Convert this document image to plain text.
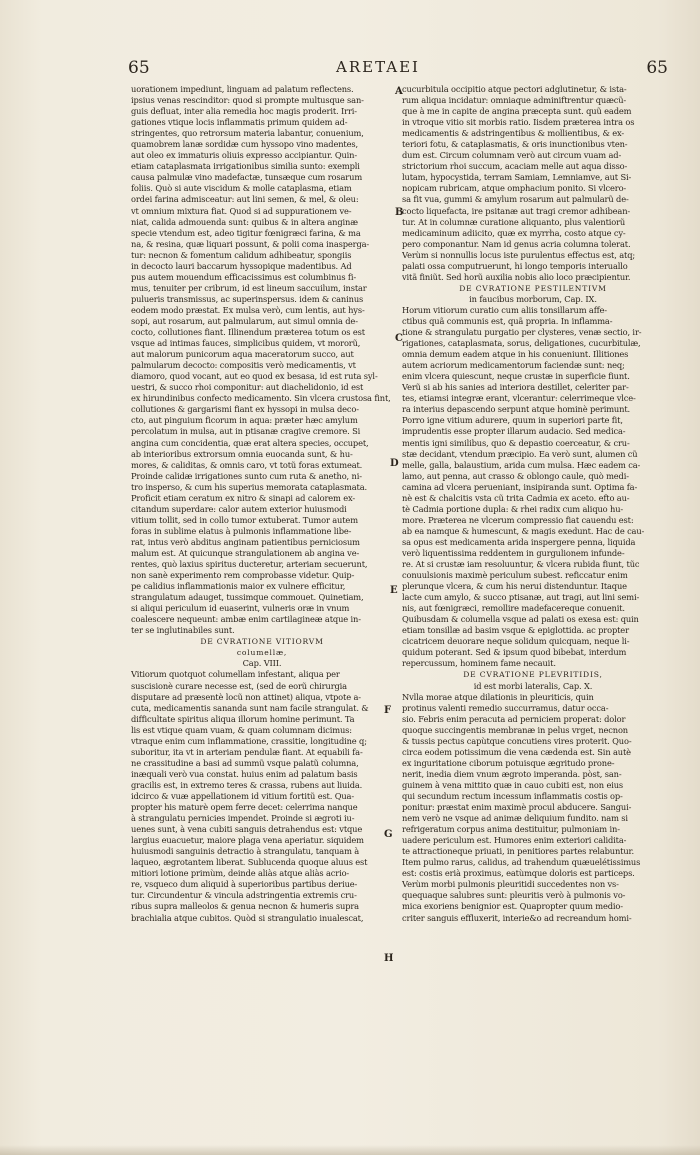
65	ARETAEI	65
A
B
C
D
E
F
G
H
uorationem impediunt, linguam ad palatum reflectens.
ipsius venas rescinditor: quod si prompte multusque san-
guis defluat, inter alia remedia hoc magis proderit. Irri-
gationes vtique locis inflammatis primum quidem ad-
stringentes, quo retrorsum materia labantur, conuenium,
quamobrem lanæ sordidæ cum hyssopo vino madentes,
aut oleo ex immaturis oliuis expresso accipiantur. Quin-
etiam cataplasmata irrigationibus similia sunto: exempli
causa palmulæ vino madefactæ, tunsæque cum rosarum
foliis. Quò si aute viscidum & molle cataplasma, etiam
ordei farina admisceatur: aut lini semen, & mel, & oleu:
vt omnium mixtura fiat. Quod si ad suppurationem ve-
niat, calida admouenda sunt: quibus & in altera anginæ
specie vtendum est, adeo tigitur fœnigræci farina, & ma
na, & resina, quæ liquari possunt, & polii coma inasperga-
tur: necnon & fomentum calidum adhibeatur, spongiis
in decocto lauri baccarum hyssopique madentibus. Ad
pus autem mouendum efficacissimus est columbinus fi-
mus, tenuiter per cribrum, id est lineum saccuilum, instar
pulueris transmissus, ac superinspersus. idem & caninus
eodem modo præstat. Ex mulsa verò, cum lentis, aut hys-
sopi, aut rosarum, aut palmularum, aut simul omnia de-
cocto, collutiones fiant. Illinendum præterea totum os est
vsque ad intimas fauces, simplicibus quidem, vt mororũ,
aut malorum punicorum aqua maceratorum succo, aut
palmularum decocto: compositis verò medicamentis, vt
diamoro, quod vocant, aut eo quod ex besasa, id est ruta syl-
uestri, & succo rhoi componitur: aut diachelidonio, id est
ex hirundinibus confecto medicamento. Sin vlcera crustosa fint,
collutiones & gargarismi fiant ex hyssopi in mulsa deco-
cto, aut pinguium ficorum in aqua: præter hæc amylum
percolatum in mulsa, aut in ptisanæ cragive cremore. Si
angina cum concidentia, quæ erat altera species, occupet,
ab interioribus extrorsum omnia euocanda sunt, & hu-
mores, & caliditas, & omnis caro, vt totũ foras extumeat.
Proinde calidæ irrigationes sunto cum ruta & anetho, ni-
tro insperso, & cum his superius memorata cataplasmata.
Proficit etiam ceratum ex nitro & sinapi ad calorem ex-
citandum superdare: calor autem exterior huiusmodi
vitium tollit, sed in collo tumor extuberat. Tumor autem
foras in sublime elatus à pulmonis inflammatione libe-
rat, intus verò abditus anginam patientibus perniciosum
malum est. At quicunque strangulationem ab angina ve-
rentes, quò laxius spiritus ducteretur, arteriam secuerunt,
non sanè experimento rem comprobasse videtur. Quip-
pe calidius inflammationis maior ex vulnere efficitur,
strangulatum adauget, tussimque commouet. Quinetiam,
si aliqui periculum id euaserint, vulneris oræ in vnum
coalescere nequeunt: ambæ enim cartilagineæ atque in-
ter se inglutinabiles sunt.
DE CVRATIONE VITIORVM
columellæ,
Cap. VIII.
Vitiorum quotquot columellam infestant, aliqua per
suscisionè curare necesse est, (sed de eorũ chirurgia
disputare ad præsentè locũ non attinet) aliqua, vtpote a-
cuta, medicamentis sananda sunt nam facile strangulat. &
difficultate spiritus aliqua illorum homine perimunt. Ta
lis est vtique quam vuam, & quam columnam dicimus:
vtraque enim cum inflammatione, crassitie, longitudine q;
suboritur, ita vt in arteriam pendulæ fiant. At equabili fa-
ne crassitudine a basi ad summũ vsque palatũ columna,
inæquali verò vua constat. huius enim ad palatum basis
gracilis est, in extremo teres & crassa, rubens aut liuida.
idcirco & vuæ appellationem id vitium fortitũ est. Qua-
propter his maturè opem ferre decet: celerrima nanque
à strangulatu pernicies impendet. Proinde si ægroti iu-
uenes sunt, à vena cubiti sanguis detrahendus est: vtque
largius euacuetur, maiore plaga vena aperiatur. siquidem
huiusmodi sanguinis detractio à strangulatu, tanquam à
laqueo, ægrotantem liberat. Sublucenda quoque aluus est
mitiori lotione primùm, deinde aliàs atque aliàs acrio-
re, vsqueco dum aliquid à superioribus partibus deriue-
tur. Circundentur & vincula adstringentia extremis cru-
ribus supra malleolos & genua necnon & humeris supra
brachialia atque cubitos. Quòd si strangulatio inualescat,
cucurbitula occipitio atque pectori adglutinetur, & ista-
rum aliqua incidatur: omniaque adminiftrentur quæcũ-
que à me in capite de angina præcepta sunt. quũ eadem
in vtroque vitio sit morbis ratio. Iisdem præterea intra os
medicamentis & adstringentibus & mollientibus, & ex-
teriori fotu, & cataplasmatis, & oris inunctionibus vten-
dum est. Circum columnam verò aut circum vuam ad-
strictorium rhoi succum, acaciam melle aut aqua disso-
lutam, hypocystida, terram Samiam, Lemniamve, aut Si-
nopicam rubricam, atque omphacium ponito. Si vlcero-
sa fit vua, gummi & amylum rosarum aut palmularũ de-
cocto liquefacta, ire psitanæ aut tragi cremor adhibean-
tur. At in columnæ curatione aliquanto, plus valentiorũ
medicaminum adiicito, quæ ex myrrha, costo atque cy-
pero componantur. Nam id genus acria columna tolerat.
Verùm si nonnullis locus iste purulentus effectus est, atq;
palati ossa computruerunt, hi longo temporis interuallo
vitã finiũt. Sed horũ auxilia nobis alio loco præcipientur.
DE CVRATIONE PESTILENTIVM
in faucibus morborum, Cap. IX.
Horum vitiorum curatio cum aliis tonsillarum affe-
ctibus quã communis est, quã propria. In inflamma-
tione & strangulatu purgatio per clysteres, venæ sectio, ir-
rigationes, cataplasmata, sorus, deligationes, cucurbitulæ,
omnia demum eadem atque in his conueniunt. Illitiones
autem acriorum medicamentorum faciendæ sunt: neq;
enim vlcera quiescunt, neque crustæ in superficie fiunt.
Verũ si ab his sanies ad interiora destillet, celeriter par-
tes, etiamsi integræ erant, vlcerantur: celerrimeque vlce-
ra interius depascendo serpunt atque hominè perimunt.
Porro igne vitium adurere, quum in superiori parte fit,
imprudentis esse propter illarum audacio. Sed medica-
mentis igni similibus, quo & depastio coerceatur, & cru-
stæ decidant, vtendum præcipio. Ea verò sunt, alumen cũ
melle, galla, balaustium, arida cum mulsa. Hæc eadem ca-
lamo, aut penna, aut crasso & oblongo caule, quò medi-
camina ad vlcera perueniant, insipiranda sunt. Optima fa-
nè est & chalcitis vsta cũ trita Cadmia ex aceto. efto au-
tè Cadmia portione dupla: & rhei radix cum aliquo hu-
more. Præterea ne vlcerum compressio fiat cauendu est:
ab ea namque & humescunt, & magis exedunt. Hac de cau-
sa opus est medicamenta arida inspergere penna, liquida
verò liquentissima reddentem in gurgulionem infunde-
re. At si crustæ iam resoluuntur, & vlcera rubida fiunt, tũc
conuulsionis maximè periculum subest. reficcatur enim
plerunque vlcera, & cum his nerui distenduntur. Itaque
lacte cum amylo, & succo ptisanæ, aut tragi, aut lini semi-
nis, aut fœnigræci, remollire madefacereque conuenit.
Quibusdam & columella vsque ad palati os exesa est: quin
etiam tonsillæ ad basim vsque & epiglottida. ac propter
cicatricem deuorare neque solidum quicquam, neque li-
quidum poterant. Sed & ipsum quod bibebat, interdum
repercussum, hominem fame necauit.
DE CVRATIONE PLEVRITIDIS,
id est morbi lateralis, Cap. X.
Nvlla morae atque dilationis in pleuriticis, quin
protinus valenti remedio succurramus, datur occa-
sio. Febris enim peracuta ad perniciem properat: dolor
quoque succingentis membranæ in pelus vrget, necnon
& tussis pectus capùtque concutiens vires proterit. Quo-
circa eodem potissimum die vena cædenda est. Sin autè
ex inguritatione ciborum potuisque ægritudo prone-
nerit, inedia diem vnum ægroto imperanda. pòst, san-
guinem à vena mittito quæ in cauo cubiti est, non eius
qui secundum rectum incessum inflammatis costis op-
ponitur: præstat enim maximè procul abducere. Sangui-
nem verò ne vsque ad animæ deliquium fundito. nam si
refrigeratum corpus anima destituitur, pulmoniam in-
uadere periculum est. Humores enim exteriori calidita-
te attractioneque priuati, in penitiores partes relabuntur.
Item pulmo rarus, calidus, ad trahendum quæuelétissimus
est: costis erià proximus, eatùmque doloris est particeps.
Verùm morbi pulmonis pleuritidi succedentes non vs-
quequaque salubres sunt: pleuritis verò à pulmonis vo-
mica exoriens benignior est. Quapropter quum medio-
criter sanguis effluxerit, interie&o ad recreandum homi-
